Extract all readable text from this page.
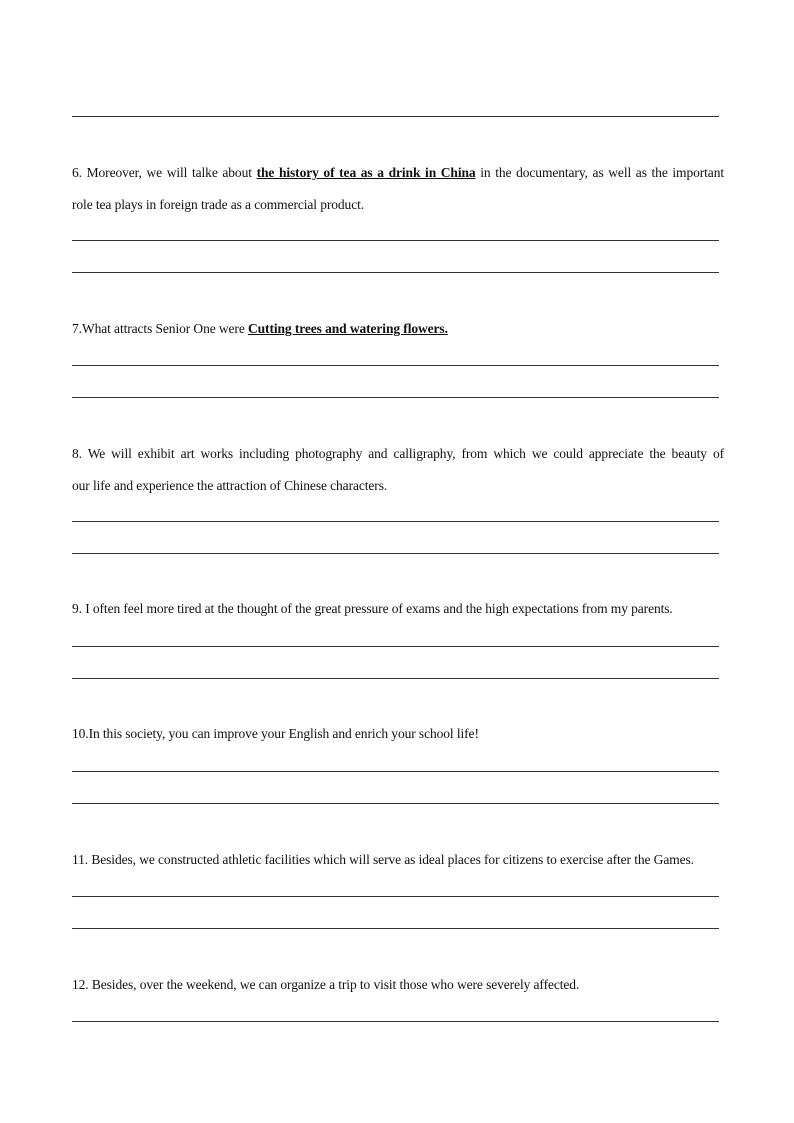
6. Moreover, we will talke about the history of tea as a drink in China in the documentary, as well as the important
role tea plays in foreign trade as a commercial product.
7.What attracts Senior One were Cutting trees and watering flowers.
8. We will exhibit art works including photography and calligraphy, from which we could appreciate the beauty of
our life and experience the attraction of Chinese characters.
9. I often feel more tired at the thought of the great pressure of exams and the high expectations from my parents.
10.In this society, you can improve your English and enrich your school life!
11. Besides, we constructed athletic facilities which will serve as ideal places for citizens to exercise after the Games.
12. Besides, over the weekend, we can organize a trip to visit those who were severely affected.
